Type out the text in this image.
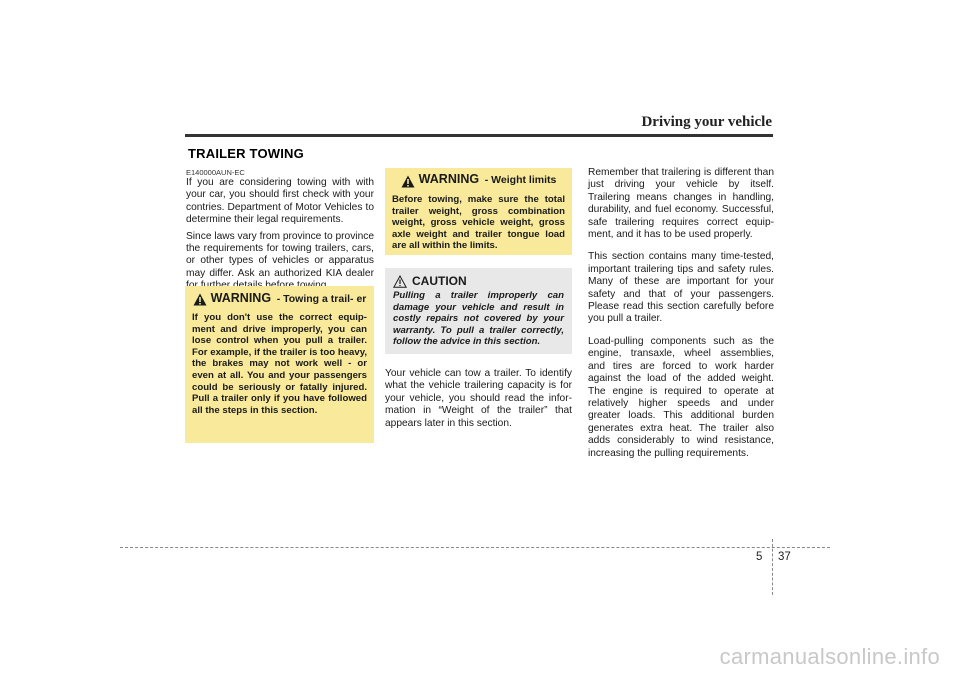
Driving your vehicle
TRAILER TOWING
E140000AUN-EC

If you are considering towing with with your car, you should first check with your contries. Department of Motor Vehicles to determine their legal requirements.

Since laws vary from province to province the requirements for towing trailers, cars, or other types of vehicles or apparatus may differ. Ask an authorized KIA dealer

WARNING - Towing a trail- er
If you don't use the correct equip- ment and drive improperly, you can lose control when you pull a trailer. For example, if the trailer is too heavy, the brakes may not work well - or even at all. You and your passengers could be seriously or fatally injured. Pull a trailer only if you have followed all the steps in this section.
WARNING - Weight limits
Before towing, make sure the total trailer weight, gross combination weight, gross vehicle weight, gross axle weight and trailer tongue load are all within the limits.
CAUTION
Pulling a trailer improperly can damage your vehicle and result in costly repairs not covered by your warranty. To pull a trailer correctly, follow the advice in this section.

Your vehicle can tow a trailer. To identify what the vehicle trailering capacity is for your vehicle, you should read the infor- mation in “Weight of the trailer” that appears later in this section.

Remember that trailering is different than just driving your vehicle by itself. Trailering means changes in handling, durability, and fuel economy. Successful, safe trailering requires correct equip- ment, and it has to be used properly.

This section contains many time-tested, important trailering tips and safety rules. Many of these are important for your safety and that of your passengers. Please read this section carefully before you pull a trailer.

Load-pulling components such as the engine, transaxle, wheel assemblies, and tires are forced to work harder against the load of the added weight. The engine is required to operate at relatively higher speeds and under greater loads. This additional burden generates extra heat. The trailer also adds considerably to wind resistance, increasing the pulling requirements.

5 37
carmanualsonline.info
